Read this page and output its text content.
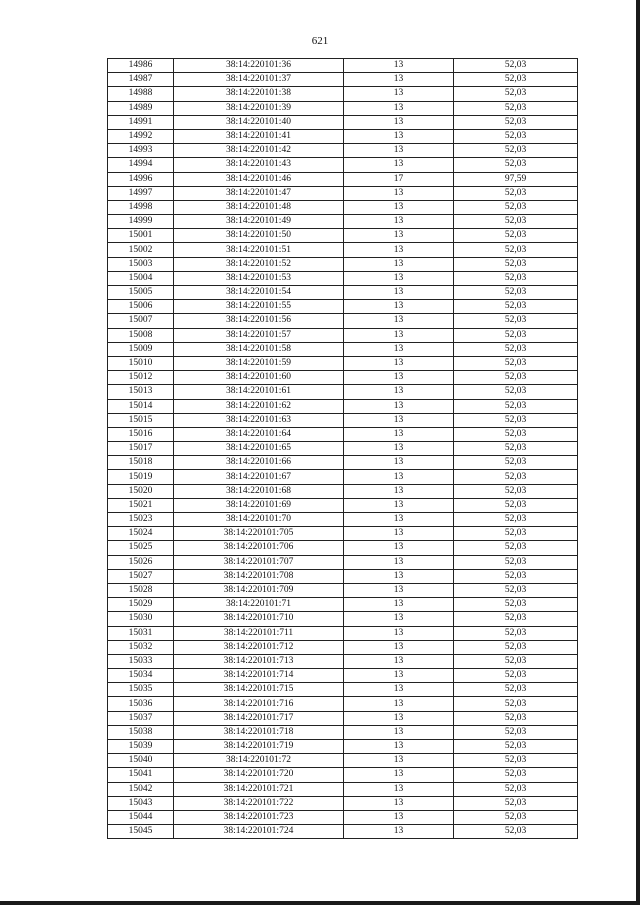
621
14986	38:14:220101:36	13	52,03
14987	38:14:220101:37	13	52,03
14988	38:14:220101:38	13	52,03
14989	38:14:220101:39	13	52,03
14991	38:14:220101:40	13	52,03
14992	38:14:220101:41	13	52,03
14993	38:14:220101:42	13	52,03
14994	38:14:220101:43	13	52,03
14996	38:14:220101:46	17	97,59
14997	38:14:220101:47	13	52,03
14998	38:14:220101:48	13	52,03
14999	38:14:220101:49	13	52,03
15001	38:14:220101:50	13	52,03
15002	38:14:220101:51	13	52,03
15003	38:14:220101:52	13	52,03
15004	38:14:220101:53	13	52,03
15005	38:14:220101:54	13	52,03
15006	38:14:220101:55	13	52,03
15007	38:14:220101:56	13	52,03
15008	38:14:220101:57	13	52,03
15009	38:14:220101:58	13	52,03
15010	38:14:220101:59	13	52,03
15012	38:14:220101:60	13	52,03
15013	38:14:220101:61	13	52,03
15014	38:14:220101:62	13	52,03
15015	38:14:220101:63	13	52,03
15016	38:14:220101:64	13	52,03
15017	38:14:220101:65	13	52,03
15018	38:14:220101:66	13	52,03
15019	38:14:220101:67	13	52,03
15020	38:14:220101:68	13	52,03
15021	38:14:220101:69	13	52,03
15023	38:14:220101:70	13	52,03
15024	38:14:220101:705	13	52,03
15025	38:14:220101:706	13	52,03
15026	38:14:220101:707	13	52,03
15027	38:14:220101:708	13	52,03
15028	38:14:220101:709	13	52,03
15029	38:14:220101:71	13	52,03
15030	38:14:220101:710	13	52,03
15031	38:14:220101:711	13	52,03
15032	38:14:220101:712	13	52,03
15033	38:14:220101:713	13	52,03
15034	38:14:220101:714	13	52,03
15035	38:14:220101:715	13	52,03
15036	38:14:220101:716	13	52,03
15037	38:14:220101:717	13	52,03
15038	38:14:220101:718	13	52,03
15039	38:14:220101:719	13	52,03
15040	38:14:220101:72	13	52,03
15041	38:14:220101:720	13	52,03
15042	38:14:220101:721	13	52,03
15043	38:14:220101:722	13	52,03
15044	38:14:220101:723	13	52,03
15045	38:14:220101:724	13	52,03
